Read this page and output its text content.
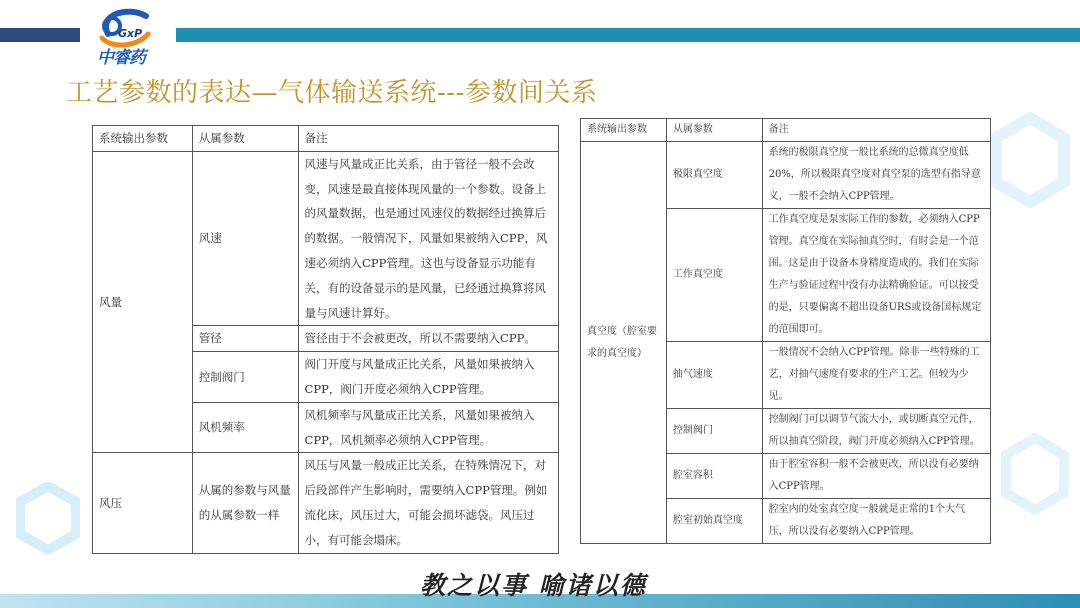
GxP
中睿药
工艺参数的表达—气体输送系统---参数间关系
系统输出参数	从属参数	备注
风量	风速	风速与风量成正比关系，由于管径一般不会改变，风速是最直接体现风量的一个参数。设备上的风量数据，也是通过风速仪的数据经过换算后的数据。一般情况下，风量如果被纳入CPP，风速必须纳入CPP管理。这也与设备显示功能有关，有的设备显示的是风量，已经通过换算将风量与风速计算好。
	管径	管径由于不会被更改，所以不需要纳入CPP。
	控制阀门	阀门开度与风量成正比关系，风量如果被纳入CPP，阀门开度必须纳入CPP管理。
	风机频率	风机频率与风量成正比关系，风量如果被纳入CPP，风机频率必须纳入CPP管理。
风压	从属的参数与风量的从属参数一样	风压与风量一般成正比关系，在特殊情况下，对后段部件产生影响时，需要纳入CPP管理。例如流化床，风压过大，可能会损坏滤袋。风压过小，有可能会塌床。
系统输出参数	从属参数	备注
真空度（腔室要求的真空度）	极限真空度	系统的极限真空度一般比系统的总微真空度低20%，所以极限真空度对真空泵的选型有指导意义，一般不会纳入CPP管理。
	工作真空度	工作真空度是泵实际工作的参数，必须纳入CPP管理。真空度在实际抽真空时，有时会是一个范围。这是由于设备本身精度造成的。我们在实际生产与验证过程中没有办法精确验证。可以接受的是，只要偏离不超出设备URS或设备国标规定的范围即可。
	抽气速度	一般情况不会纳入CPP管理。除非一些特殊的工艺，对抽气速度有要求的生产工艺。但较为少见。
	控制阀门	控制阀门可以调节气流大小，或切断真空元件，所以抽真空阶段，阀门开度必须纳入CPP管理。
	腔室容积	由于腔室容积一般不会被更改，所以没有必要纳入CPP管理。
	腔室初始真空度	腔室内的处室真空度一般就是正常的1个大气压，所以没有必要纳入CPP管理。
教之以事 喻诸以德
